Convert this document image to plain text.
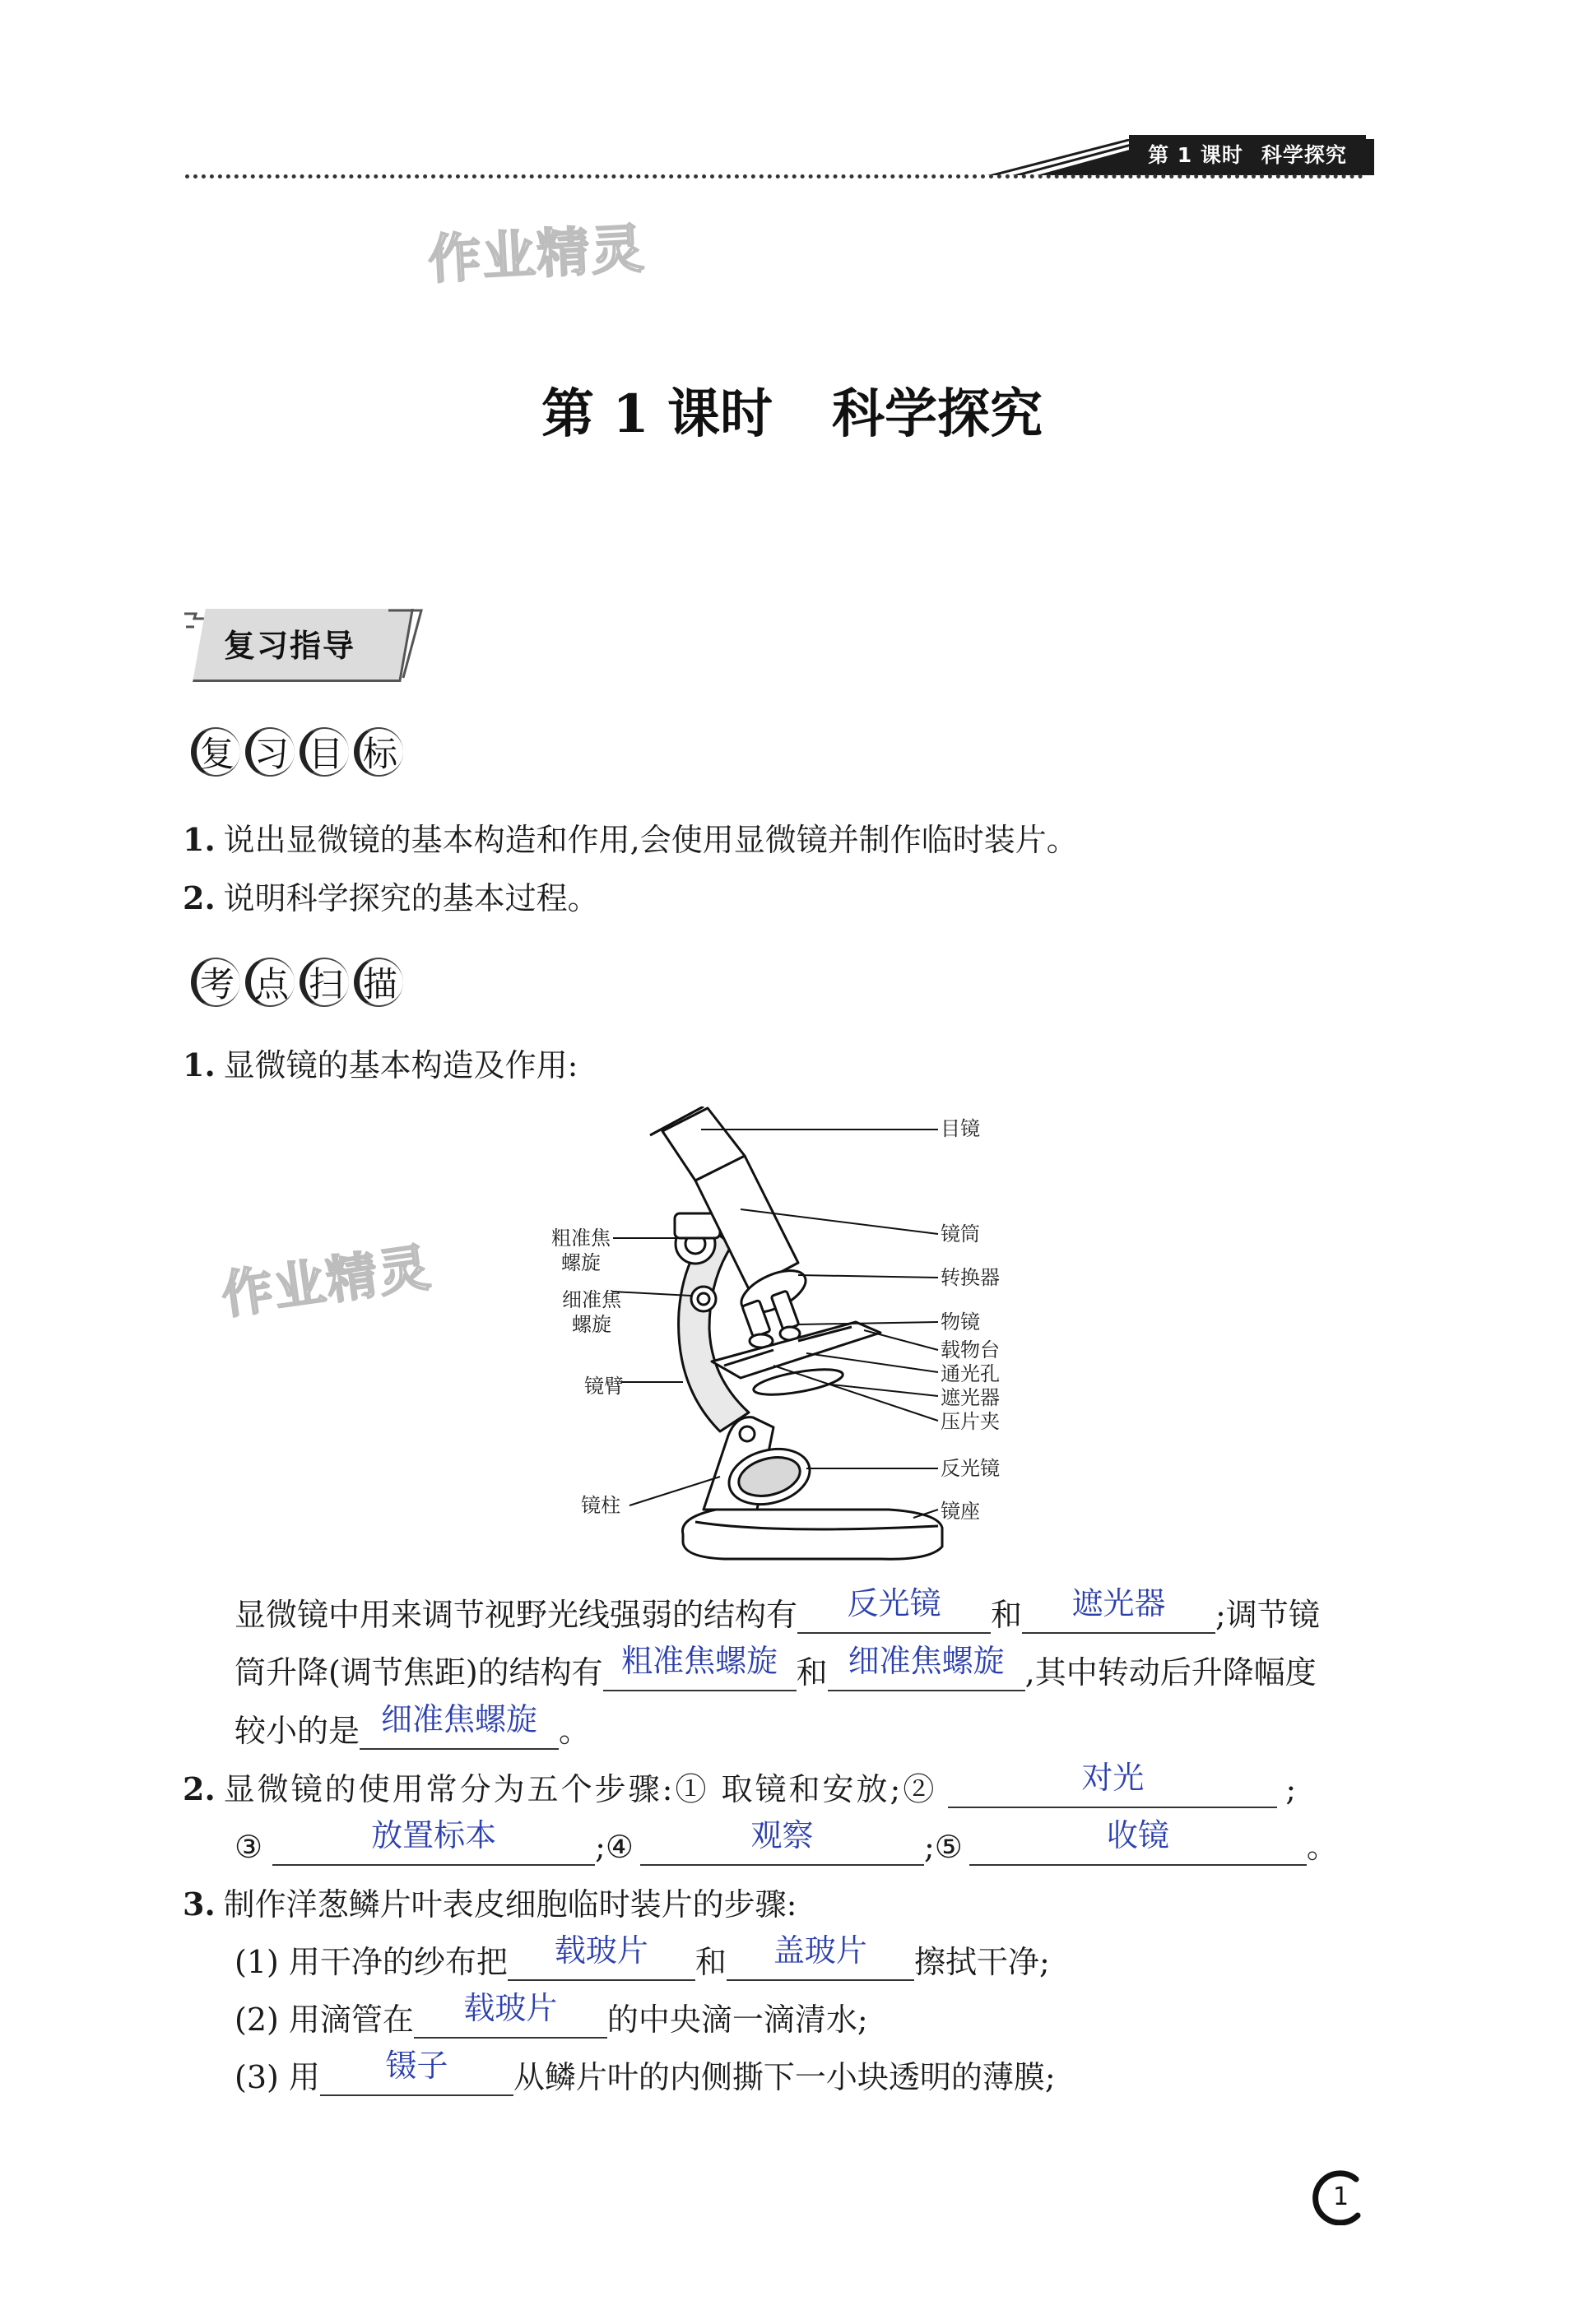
第 1 课时 科学探究
作业精灵
作业精灵
第 1 课时 科学探究
复习指导
复 习 目 标
1. 说出显微镜的基本构造和作用,会使用显微镜并制作临时装片。
2. 说明科学探究的基本过程。
考 点 扫 描
1. 显微镜的基本构造及作用:
目镜
镜筒
转换器
物镜
载物台
通光孔
遮光器
压片夹
反光镜
镜座
粗准焦
螺旋
细准焦
螺旋
镜臂
镜柱
显微镜中用来调节视野光线强弱的结构有	反光镜	和	遮光器	;调节镜
筒升降(调节焦距)的结构有 粗准焦螺旋 和 细准焦螺旋 ,其中转动后升降幅度
较小的是 细准焦螺旋 。
2. 显微镜的使用常分为五个步骤:① 取镜和安放;②	对光	;
③	放置标本	;④	观察	;⑤	收镜	。
3. 制作洋葱鳞片叶表皮细胞临时装片的步骤:
(1) 用干净的纱布把	载玻片	和	盖玻片	擦拭干净;
(2) 用滴管在	载玻片	的中央滴一滴清水;
(3) 用	镊子	从鳞片叶的内侧撕下一小块透明的薄膜;
1
